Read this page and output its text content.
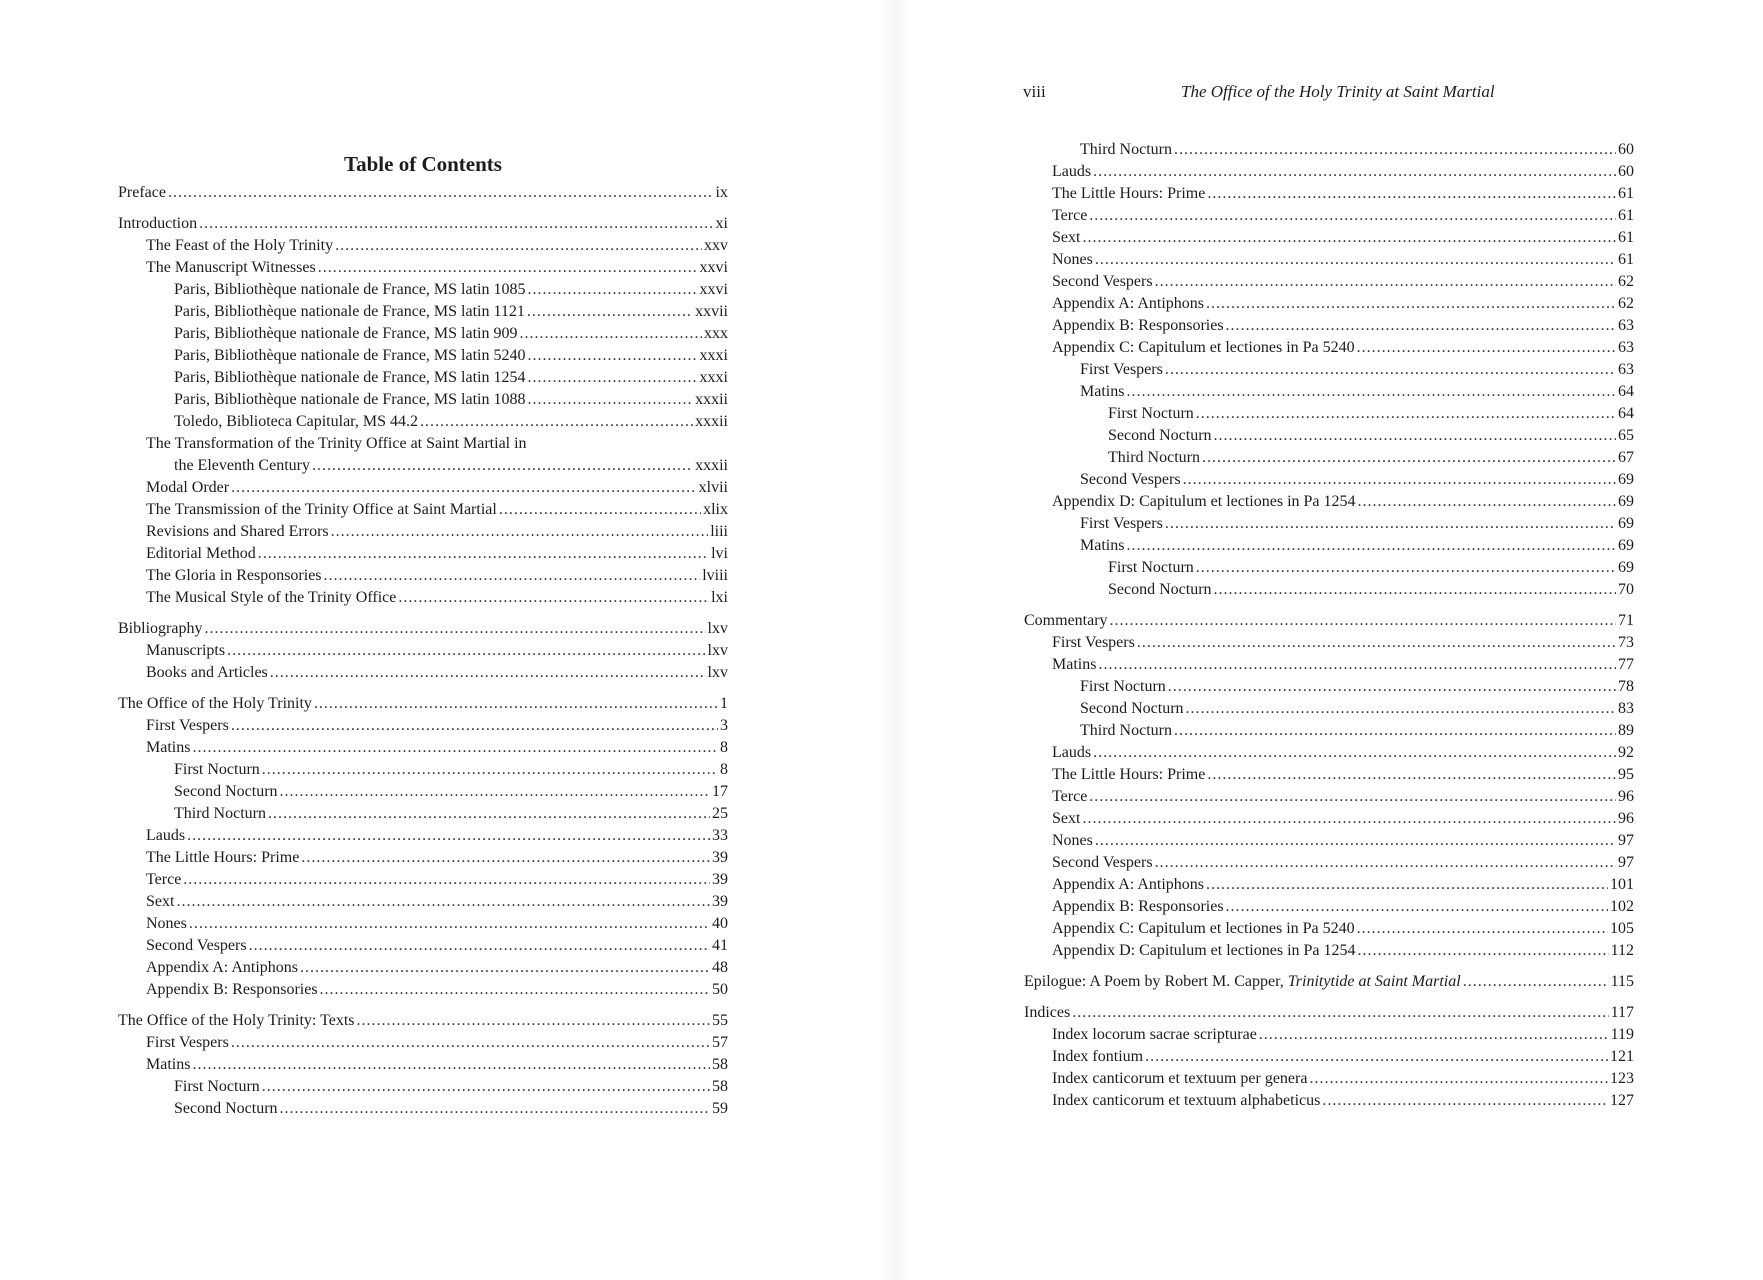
Table of Contents
Preface .....	ix
Introduction .....	xi
The Feast of the Holy Trinity .....	xxv
The Manuscript Witnesses .....	xxvi
Paris, Bibliothèque nationale de France, MS latin 1085 .....	xxvi
Paris, Bibliothèque nationale de France, MS latin 1121 .....	xxvii
Paris, Bibliothèque nationale de France, MS latin 909 .....	xxx
Paris, Bibliothèque nationale de France, MS latin 5240 .....	xxxi
Paris, Bibliothèque nationale de France, MS latin 1254 .....	xxxi
Paris, Bibliothèque nationale de France, MS latin 1088 .....	xxxii
Toledo, Biblioteca Capitular, MS 44.2 .....	xxxii
The Transformation of the Trinity Office at Saint Martial in
the Eleventh Century .....	xxxii
Modal Order .....	xlvii
The Transmission of the Trinity Office at Saint Martial .....	xlix
Revisions and Shared Errors .....	liii
Editorial Method .....	lvi
The Gloria in Responsories .....	lviii
The Musical Style of the Trinity Office .....	lxi
Bibliography .....	lxv
Manuscripts .....	lxv
Books and Articles .....	lxv
The Office of the Holy Trinity .....	1
First Vespers .....	3
Matins .....	8
First Nocturn .....	8
Second Nocturn .....	17
Third Nocturn .....	25
Lauds .....	33
The Little Hours: Prime .....	39
Terce .....	39
Sext .....	39
Nones .....	40
Second Vespers .....	41
Appendix A: Antiphons .....	48
Appendix B: Responsories .....	50
The Office of the Holy Trinity: Texts .....	55
First Vespers .....	57
Matins .....	58
First Nocturn .....	58
Second Nocturn .....	59
viii	The Office of the Holy Trinity at Saint Martial
Third Nocturn .....	60
Lauds .....	60
The Little Hours: Prime .....	61
Terce .....	61
Sext .....	61
Nones .....	61
Second Vespers .....	62
Appendix A: Antiphons .....	62
Appendix B: Responsories .....	63
Appendix C: Capitulum et lectiones in Pa 5240 .....	63
First Vespers .....	63
Matins .....	64
First Nocturn .....	64
Second Nocturn .....	65
Third Nocturn .....	67
Second Vespers .....	69
Appendix D: Capitulum et lectiones in Pa 1254 .....	69
First Vespers .....	69
Matins .....	69
First Nocturn .....	69
Second Nocturn .....	70
Commentary .....	71
First Vespers .....	73
Matins .....	77
First Nocturn .....	78
Second Nocturn .....	83
Third Nocturn .....	89
Lauds .....	92
The Little Hours: Prime .....	95
Terce .....	96
Sext .....	96
Nones .....	97
Second Vespers .....	97
Appendix A: Antiphons .....	101
Appendix B: Responsories .....	102
Appendix C: Capitulum et lectiones in Pa 5240 .....	105
Appendix D: Capitulum et lectiones in Pa 1254 .....	112
Epilogue: A Poem by Robert M. Capper, Trinitytide at Saint Martial .....	115
Indices .....	117
Index locorum sacrae scripturae .....	119
Index fontium .....	121
Index canticorum et textuum per genera .....	123
Index canticorum et textuum alphabeticus .....	127
